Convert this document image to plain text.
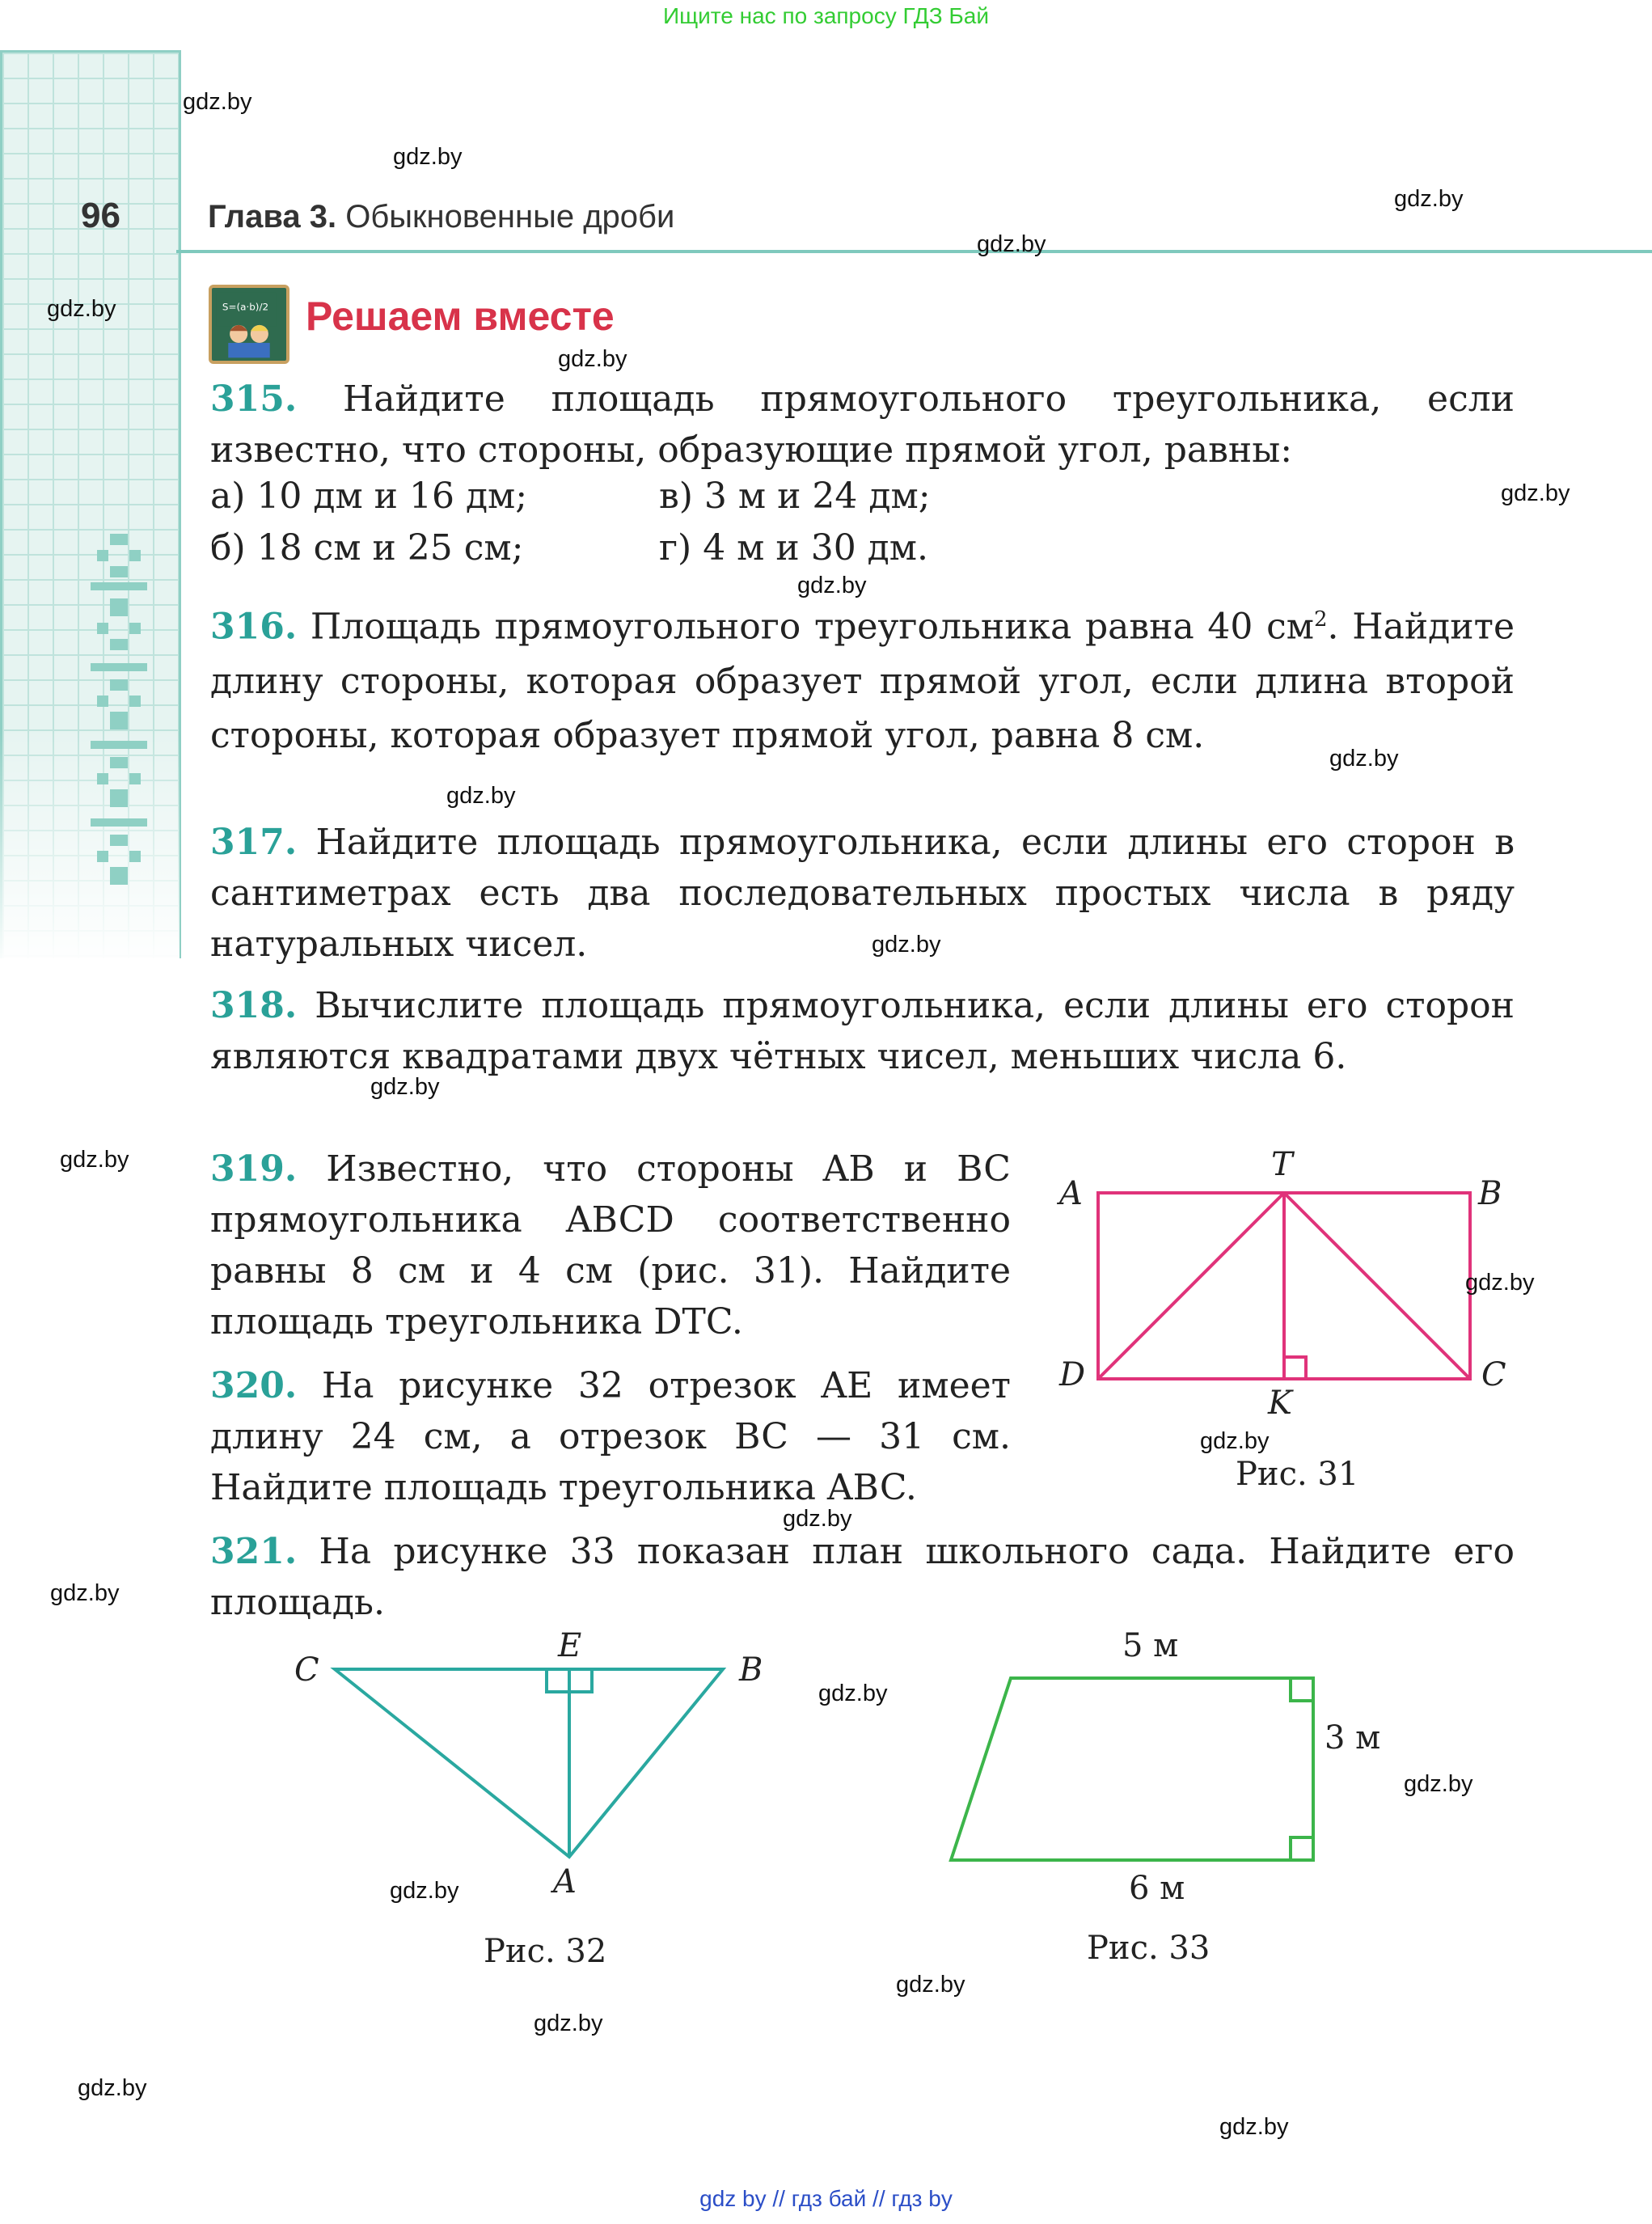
Ищите нас по запросу ГДЗ Бай
96	Глава 3. Обыкновенные дроби
S=(a·b)/2 Решаем вместе
315. Найдите площадь прямоугольного треугольника, если известно, что стороны, образующие прямой угол, равны:
а) 10 дм и 16 дм;	в) 3 м и 24 дм;
б) 18 см и 25 см;	г) 4 м и 30 дм.
316. Площадь прямоугольного треугольника равна 40 $см^2$. Найдите длину стороны, которая образует прямой угол, если длина второй стороны, которая образует прямой угол, равна 8 см.
317. Найдите площадь прямоугольника, если длины его сторон в сантиметрах есть два последовательных простых числа в ряду натуральных чисел.
318. Вычислите площадь прямоугольника, если длины его сторон являются квадратами двух чётных чисел, меньших числа 6.
319. Известно, что стороны AB и BC прямоугольника ABCD соответственно равны 8 см и 4 см (рис. 31). Найдите площадь треугольника DTC.
320. На рисунке 32 отрезок AE имеет длину 24 см, а отрезок BC — 31 см. Найдите площадь треугольника ABC.
321. На рисунке 33 показан план школьного сада. Найдите его площадь.
A
T
B
D
K
C
Рис. 31
C
E
B
A
Рис. 32
5 м
3 м
6 м
Рис. 33
gdz.by
gdz.by
gdz.by
gdz.by
gdz.by
gdz.by
gdz.by
gdz.by
gdz.by
gdz.by
gdz.by
gdz.by
gdz.by
gdz.by
gdz.by
gdz.by
gdz.by
gdz.by
gdz.by
gdz.by
gdz.by
gdz.by
gdz.by
gdz.by
gdz by // гдз бай // гдз by
